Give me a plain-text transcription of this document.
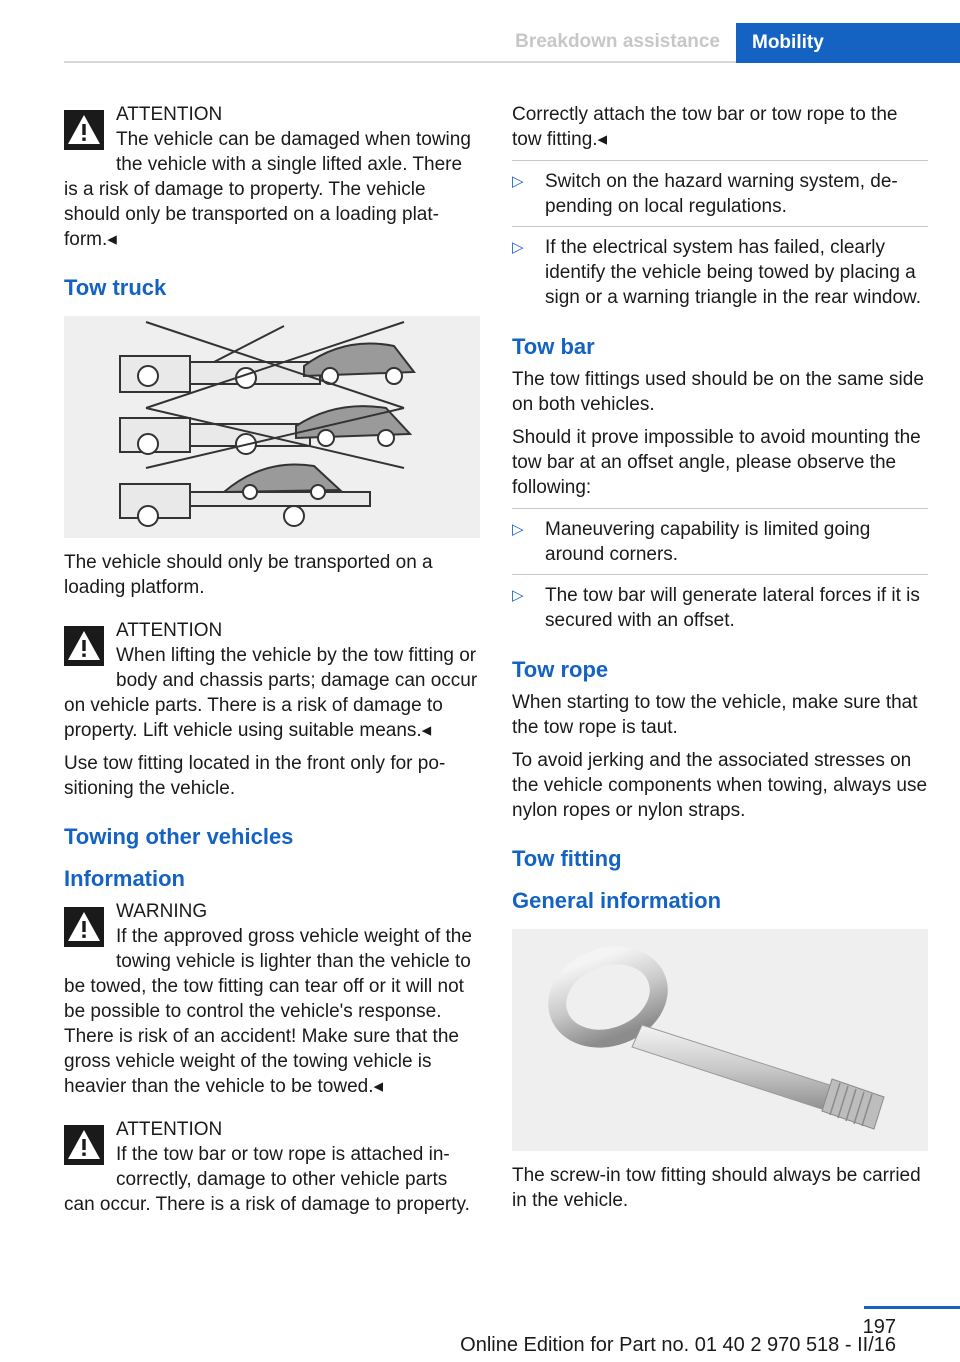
Breakdown assistance	Mobility
ATTENTION
The vehicle can be damaged when towing the vehicle with a single lifted axle. There is a risk of damage to property. The vehicle should only be transported on a loading platform.◂
Tow truck

The vehicle should only be transported on a loading platform.

ATTENTION
When lifting the vehicle by the tow fitting or body and chassis parts; damage can occur on vehicle parts. There is a risk of damage to property. Lift vehicle using suitable means.◂

Use tow fitting located in the front only for positioning the vehicle.

Towing other vehicles
Information
WARNING
If the approved gross vehicle weight of the towing vehicle is lighter than the vehicle to be towed, the tow fitting can tear off or it will not be possible to control the vehicle's response. There is risk of an accident! Make sure that the gross vehicle weight of the towing vehicle is heavier than the vehicle to be towed.◂
ATTENTION
If the tow bar or tow rope is attached incorrectly, damage to other vehicle parts can occur. There is a risk of damage to property.

Correctly attach the tow bar or tow rope to the tow fitting.◂

▷ Switch on the hazard warning system, depending on local regulations.
▷ If the electrical system has failed, clearly identify the vehicle being towed by placing a sign or a warning triangle in the rear window.
Tow bar

The tow fittings used should be on the same side on both vehicles.

Should it prove impossible to avoid mounting the tow bar at an offset angle, please observe the following:

▷ Maneuvering capability is limited going around corners.
▷ The tow bar will generate lateral forces if it is secured with an offset.
Tow rope

When starting to tow the vehicle, make sure that the tow rope is taut.

To avoid jerking and the associated stresses on the vehicle components when towing, always use nylon ropes or nylon straps.

Tow fitting
General information

The screw-in tow fitting should always be carried in the vehicle.

197
Online Edition for Part no. 01 40 2 970 518 - II/16
